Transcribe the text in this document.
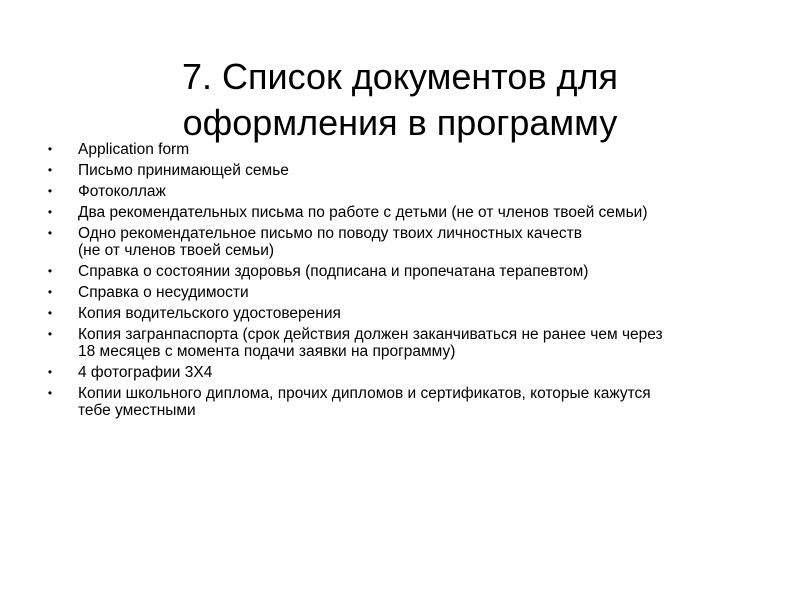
7. Список документов для
оформления в программу
• Application form
• Письмо принимающей семье
• Фотоколлаж
• Два рекомендательных письма по работе с детьми (не от членов твоей семьи)
• Одно рекомендательное письмо по поводу твоих личностных качеств
(не от членов твоей семьи)
• Справка о состоянии здоровья (подписана и пропечатана терапевтом)
• Справка о несудимости
• Копия водительского удостоверения
• Копия загранпаспорта (срок действия должен заканчиваться не ранее чем через
18 месяцев с момента подачи заявки на программу)
• 4 фотографии 3Х4
• Копии школьного диплома, прочих дипломов и сертификатов, которые кажутся
тебе уместными
